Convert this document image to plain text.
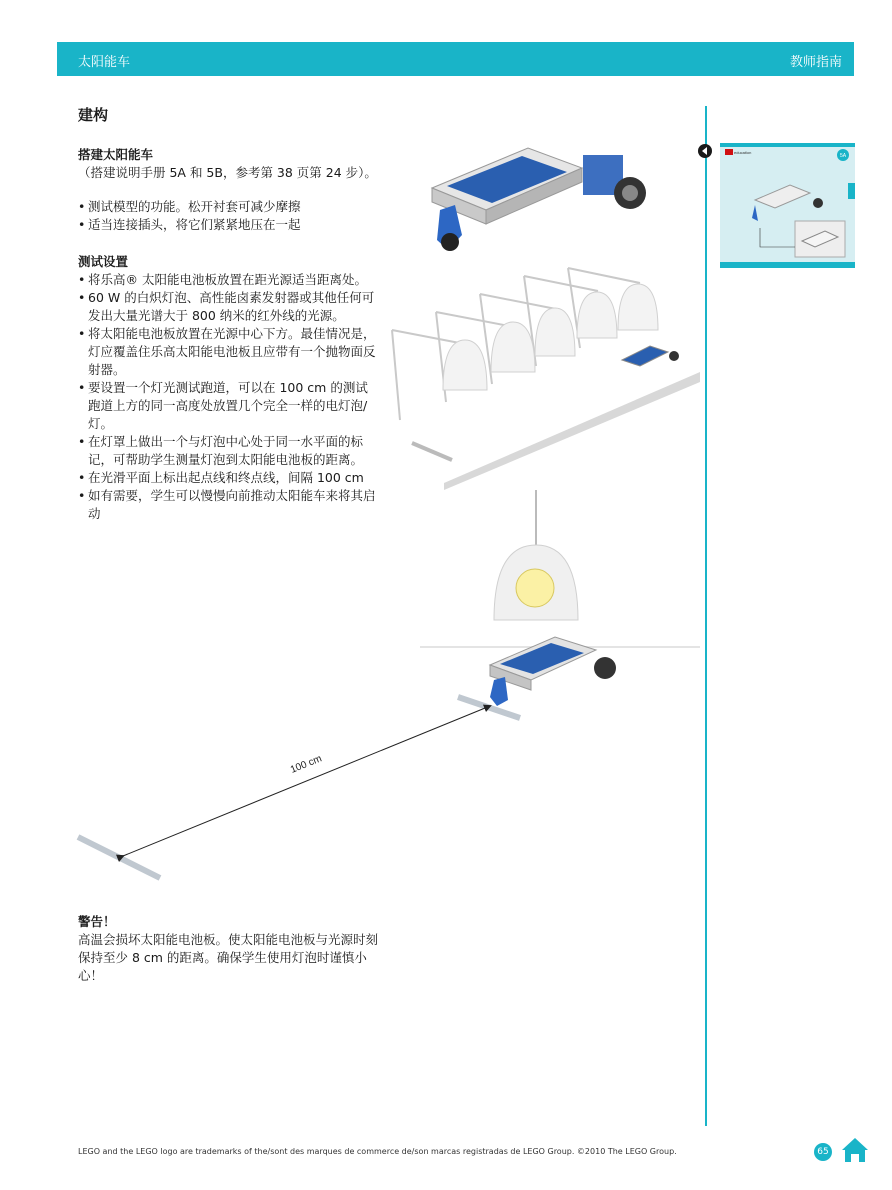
太阳能车	教师指南
建构
搭建太阳能车

（搭建说明手册 5A 和 5B，参考第 38 页第 24 步）。

• 测试模型的功能。松开衬套可减少摩擦
• 适当连接插头，将它们紧紧地压在一起
测试设置
• 将乐高® 太阳能电池板放置在距光源适当距离处。
• 60 W 的白炽灯泡、高性能卤素发射器或其他任何可发出大量光谱大于 800 纳米的红外线的光源。
• 将太阳能电池板放置在光源中心下方。最佳情况是，灯应覆盖住乐高太阳能电池板且应带有一个抛物面反射器。
• 要设置一个灯光测试跑道，可以在 100 cm 的测试跑道上方的同一高度处放置几个完全一样的电灯泡/灯。
• 在灯罩上做出一个与灯泡中心处于同一水平面的标记，可帮助学生测量灯泡到太阳能电池板的距离。
• 在光滑平面上标出起点线和终点线，间隔 100 cm
• 如有需要，学生可以慢慢向前推动太阳能车来将其启动
警告！

高温会损坏太阳能电池板。使太阳能电池板与光源时刻保持至少 8 cm 的距离。确保学生使用灯泡时谨慎小心！

100 cm
education
5A
LEGO and the LEGO logo are trademarks of the/sont des marques de commerce de/son marcas registradas de LEGO Group. ©2010 The LEGO Group.	65
